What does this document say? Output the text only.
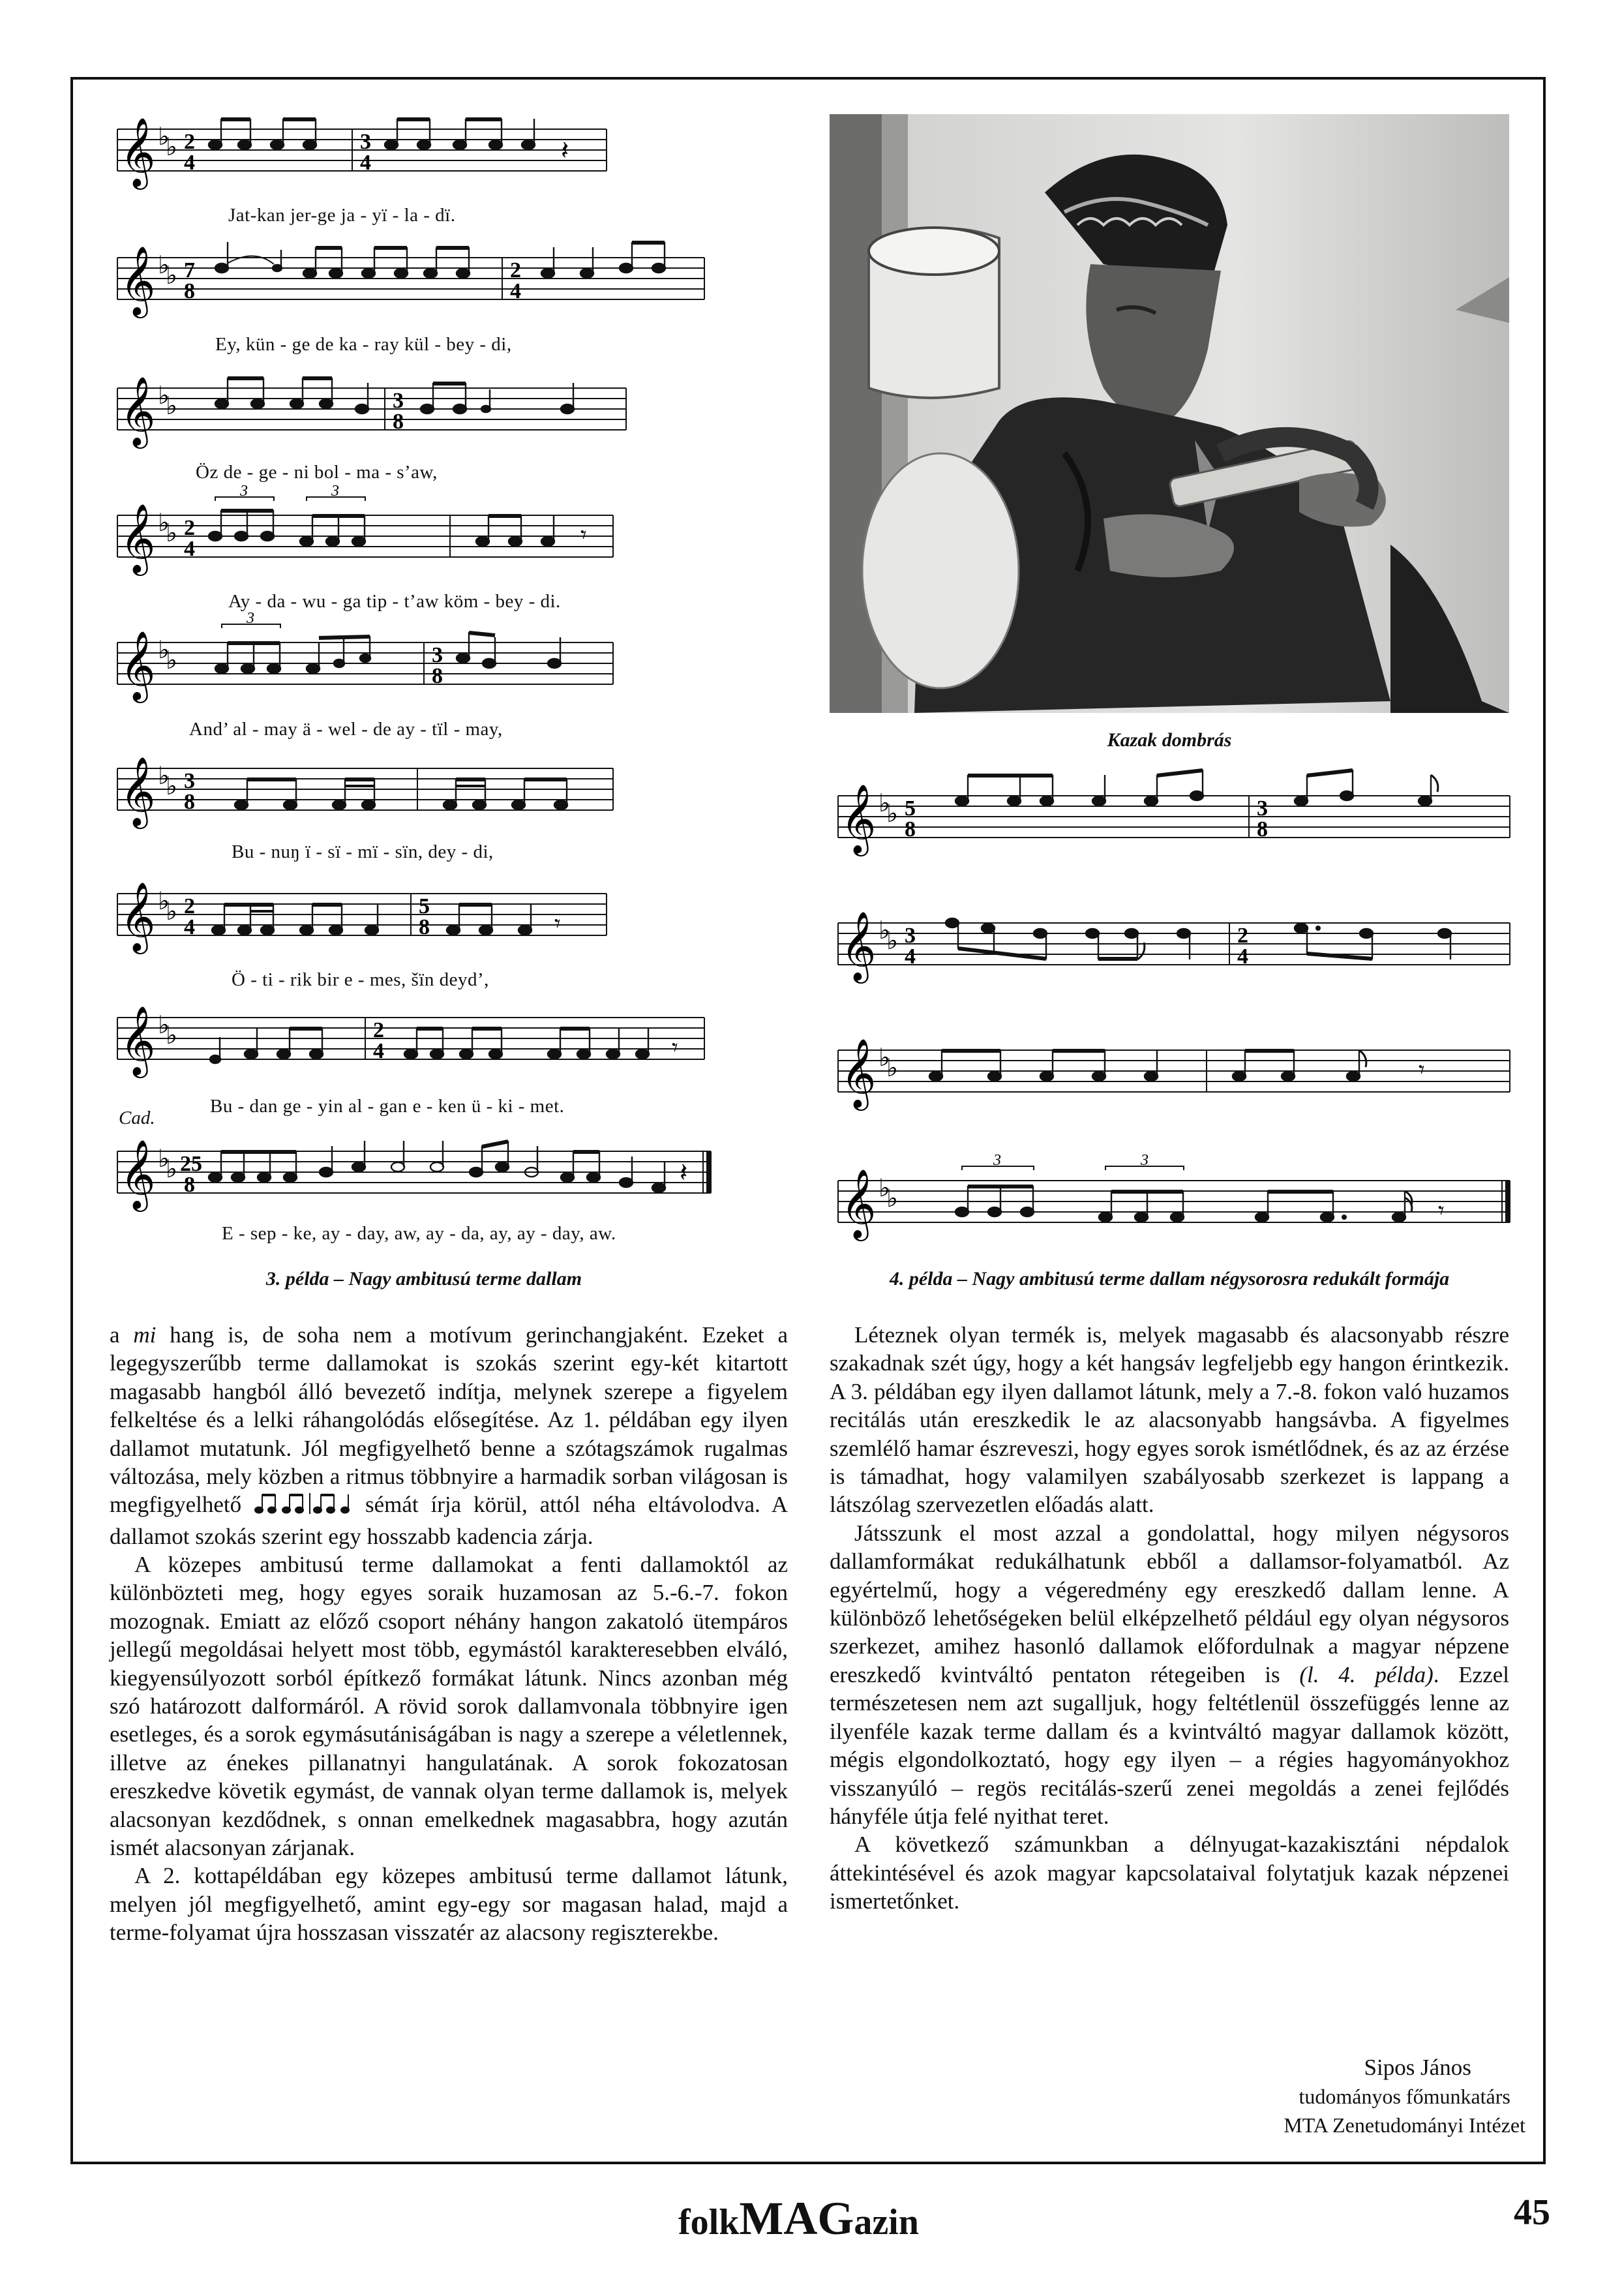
𝄞 ♭
♭ 2
4
3
4	𝄽
Jat-kan jer-ge ja - yï - la - dï.
𝄞 ♭
♭ 7
8
2
4
Ey, kün - ge de ka - ray kül - bey - di,
𝄞 ♭
♭	3
8
Öz de - ge - ni bol - ma - s’aw,
𝄞 ♭
♭ 2
4
3	3
𝄾
Ay - da - wu - ga tip - t’aw köm - bey - di.
𝄞 ♭
♭	3
8
3
And’ al - may ä - wel - de ay - tïl - may,
𝄞 ♭
♭ 3
8
Bu - nuŋ ï - sï - mï - sïn, dey - di,
𝄞 ♭
♭ 2
4
5
8	𝄾
Ö - ti - rik bir e - mes, šïn deyd’,
𝄞 ♭
♭	2
4	𝄾
Cad.
Bu - dan ge - yin al - gan e - ken ü - ki - met.
𝄞 ♭
♭ 25
8	𝄽
E - sep - ke, ay - day, aw, ay - da, ay, ay - day, aw.
3. példa – Nagy ambitusú terme dallam
Kazak dombrás
𝄞 ♭
♭ 5
8
3
8
𝄞 ♭
♭ 3
4
2
4
𝄞 ♭
♭	𝄾
𝄞 ♭
♭
3	3
𝄾
4. példa – Nagy ambitusú terme dallam négysorosra redukált formája

a mi hang is, de soha nem a motívum gerinchangjaként. Ezeket a legegyszerűbb terme dallamokat is szokás szerint egy-két kitartott magasabb hangból álló bevezető indítja, melynek szerepe a figyelem felkeltése és a lelki ráhangolódás elősegítése. Az 1. példában egy ilyen dallamot mutatunk. Jól megfigyelhető benne a szótagszámok rugalmas változása, mely közben a ritmus többnyire a harmadik sorban világosan is megfigyelhető	sémát írja körül, attól néha eltávolodva. A dallamot szokás szerint egy hosszabb kadencia zárja.

A közepes ambitusú terme dallamokat a fenti dallamoktól az különbözteti meg, hogy egyes soraik huzamosan az 5.-6.-7. fokon mozognak. Emiatt az előző csoport néhány hangon zakatoló ütempáros jellegű megoldásai helyett most több, egymástól karakteresebben elváló, kiegyensúlyozott sorból építkező formákat látunk. Nincs azonban még szó határozott dalformáról. A rövid sorok dallamvonala többnyire igen esetleges, és a sorok egymásutániságában is nagy a szerepe a véletlennek, illetve az énekes pillanatnyi hangulatának. A sorok fokozatosan ereszkedve követik egymást, de vannak olyan terme dallamok is, melyek alacsonyan kezdődnek, s onnan emelkednek magasabbra, hogy azután ismét alacsonyan zárjanak.

A 2. kottapéldában egy közepes ambitusú terme dallamot látunk, melyen jól megfigyelhető, amint egy-egy sor magasan halad, majd a terme-folyamat újra hosszasan visszatér az alacsony regiszterekbe.

Léteznek olyan termék is, melyek magasabb és alacsonyabb részre szakadnak szét úgy, hogy a két hangsáv legfeljebb egy hangon érintkezik. A 3. példában egy ilyen dallamot látunk, mely a 7.-8. fokon való huzamos recitálás után ereszkedik le az alacsonyabb hangsávba. A figyelmes szemlélő hamar észreveszi, hogy egyes sorok ismétlődnek, és az az érzése is támadhat, hogy valamilyen szabályosabb szerkezet is lappang a látszólag szervezetlen előadás alatt.

Játsszunk el most azzal a gondolattal, hogy milyen négysoros dallamformákat redukálhatunk ebből a dallamsor-folyamatból. Az egyértelmű, hogy a végeredmény egy ereszkedő dallam lenne. A különböző lehetőségeken belül elképzelhető például egy olyan négysoros szerkezet, amihez hasonló dallamok előfordulnak a magyar népzene ereszkedő kvintváltó pentaton rétegeiben is (l. 4. példa). Ezzel természetesen nem azt sugalljuk, hogy feltétlenül összefüggés lenne az ilyenféle kazak terme dallam és a kvintváltó magyar dallamok között, mégis elgondolkoztató, hogy egy ilyen – a régies hagyományokhoz visszanyúló – regös recitálás-szerű zenei megoldás a zenei fejlődés hányféle útja felé nyithat teret.

A következő számunkban a délnyugat-kazakisztáni népdalok áttekintésével és azok magyar kapcsolataival folytatjuk kazak népzenei ismertetőnket.

Sipos János
tudományos főmunkatárs
MTA Zenetudományi Intézet
folkMAGazin	45
